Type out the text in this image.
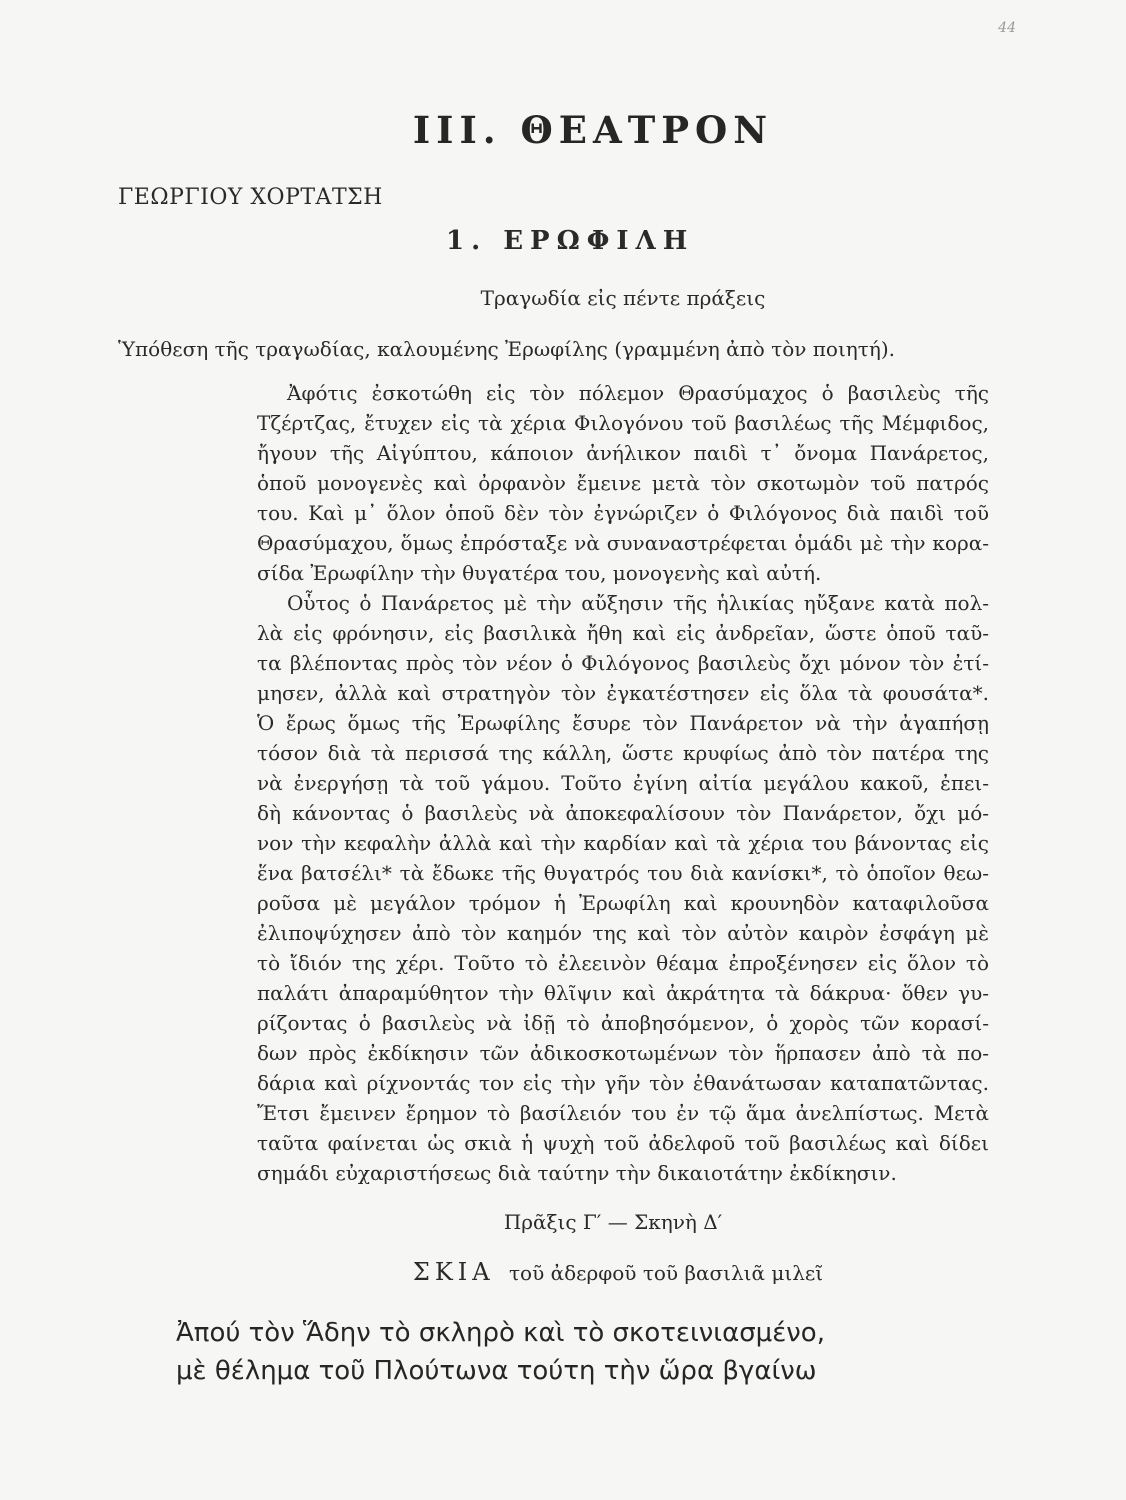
44
III. ΘΕΑΤΡΟΝ
ΓΕΩΡΓΙΟΥ ΧΟΡΤΑΤΣΗ
1. ΕΡΩΦΙΛΗ
Τραγωδία εἰς πέντε πράξεις
Ὑπόθεση τῆς τραγωδίας, καλουμένης Ἐρωφίλης (γραμμένη ἀπὸ τὸν ποιητή).
Ἀφότις ἐσκοτώθη εἰς τὸν πόλεμον Θρασύμαχος ὁ βασιλεὺς τῆς
Τζέρτζας, ἔτυχεν εἰς τὰ χέρια Φιλογόνου τοῦ βασιλέως τῆς Μέμφιδος,
ἤγουν τῆς Αἰγύπτου, κάποιον ἀνήλικον παιδὶ τ᾽ ὄνομα Πανάρετος,
ὁποῦ μονογενὲς καὶ ὀρφανὸν ἔμεινε μετὰ τὸν σκοτωμὸν τοῦ πατρός
του. Καὶ μ᾽ ὅλον ὁποῦ δὲν τὸν ἐγνώριζεν ὁ Φιλόγονος διὰ παιδὶ τοῦ
Θρασύμαχου, ὅμως ἐπρόσταξε νὰ συναναστρέφεται ὁμάδι μὲ τὴν κορα-
σίδα Ἐρωφίλην τὴν θυγατέρα του, μονογενὴς καὶ αὐτή.
Οὗτος ὁ Πανάρετος μὲ τὴν αὔξησιν τῆς ἡλικίας ηὔξανε κατὰ πολ-
λὰ εἰς φρόνησιν, εἰς βασιλικὰ ἤθη καὶ εἰς ἀνδρεῖαν, ὥστε ὁποῦ ταῦ-
τα βλέποντας πρὸς τὸν νέον ὁ Φιλόγονος βασιλεὺς ὄχι μόνον τὸν ἐτί-
μησεν, ἀλλὰ καὶ στρατηγὸν τὸν ἐγκατέστησεν εἰς ὅλα τὰ φουσάτα*.
Ὁ ἔρως ὅμως τῆς Ἐρωφίλης ἔσυρε τὸν Πανάρετον νὰ τὴν ἀγαπήσῃ
τόσον διὰ τὰ περισσά της κάλλη, ὥστε κρυφίως ἀπὸ τὸν πατέρα της
νὰ ἐνεργήσῃ τὰ τοῦ γάμου. Τοῦτο ἐγίνη αἰτία μεγάλου κακοῦ, ἐπει-
δὴ κάνοντας ὁ βασιλεὺς νὰ ἀποκεφαλίσουν τὸν Πανάρετον, ὄχι μό-
νον τὴν κεφαλὴν ἀλλὰ καὶ τὴν καρδίαν καὶ τὰ χέρια του βάνοντας εἰς
ἕνα βατσέλι* τὰ ἔδωκε τῆς θυγατρός του διὰ κανίσκι*, τὸ ὁποῖον θεω-
ροῦσα μὲ μεγάλον τρόμον ἡ Ἐρωφίλη καὶ κρουνηδὸν καταφιλοῦσα
ἐλιποψύχησεν ἀπὸ τὸν καημόν της καὶ τὸν αὐτὸν καιρὸν ἐσφάγη μὲ
τὸ ἴδιόν της χέρι. Τοῦτο τὸ ἐλεεινὸν θέαμα ἐπροξένησεν εἰς ὅλον τὸ
παλάτι ἀπαραμύθητον τὴν θλῖψιν καὶ ἀκράτητα τὰ δάκρυα· ὅθεν γυ-
ρίζοντας ὁ βασιλεὺς νὰ ἰδῇ τὸ ἀποβησόμενον, ὁ χορὸς τῶν κορασί-
δων πρὸς ἐκδίκησιν τῶν ἀδικοσκοτωμένων τὸν ἥρπασεν ἀπὸ τὰ πο-
δάρια καὶ ρίχνοντάς τον εἰς τὴν γῆν τὸν ἐθανάτωσαν καταπατῶντας.
Ἔτσι ἔμεινεν ἔρημον τὸ βασίλειόν του ἐν τῷ ἅμα ἀνελπίστως. Μετὰ
ταῦτα φαίνεται ὡς σκιὰ ἡ ψυχὴ τοῦ ἀδελφοῦ τοῦ βασιλέως καὶ δίδει
σημάδι εὐχαριστήσεως διὰ ταύτην τὴν δικαιοτάτην ἐκδίκησιν.
Πρᾶξις Γ′ — Σκηνὴ Δ′
ΣΚΙΑ τοῦ ἀδερφοῦ τοῦ βασιλιᾶ μιλεῖ
Ἀπού τὸν Ἅδην τὸ σκληρὸ καὶ τὸ σκοτεινιασμένο,
μὲ θέλημα τοῦ Πλούτωνα τούτη τὴν ὥρα βγαίνω
